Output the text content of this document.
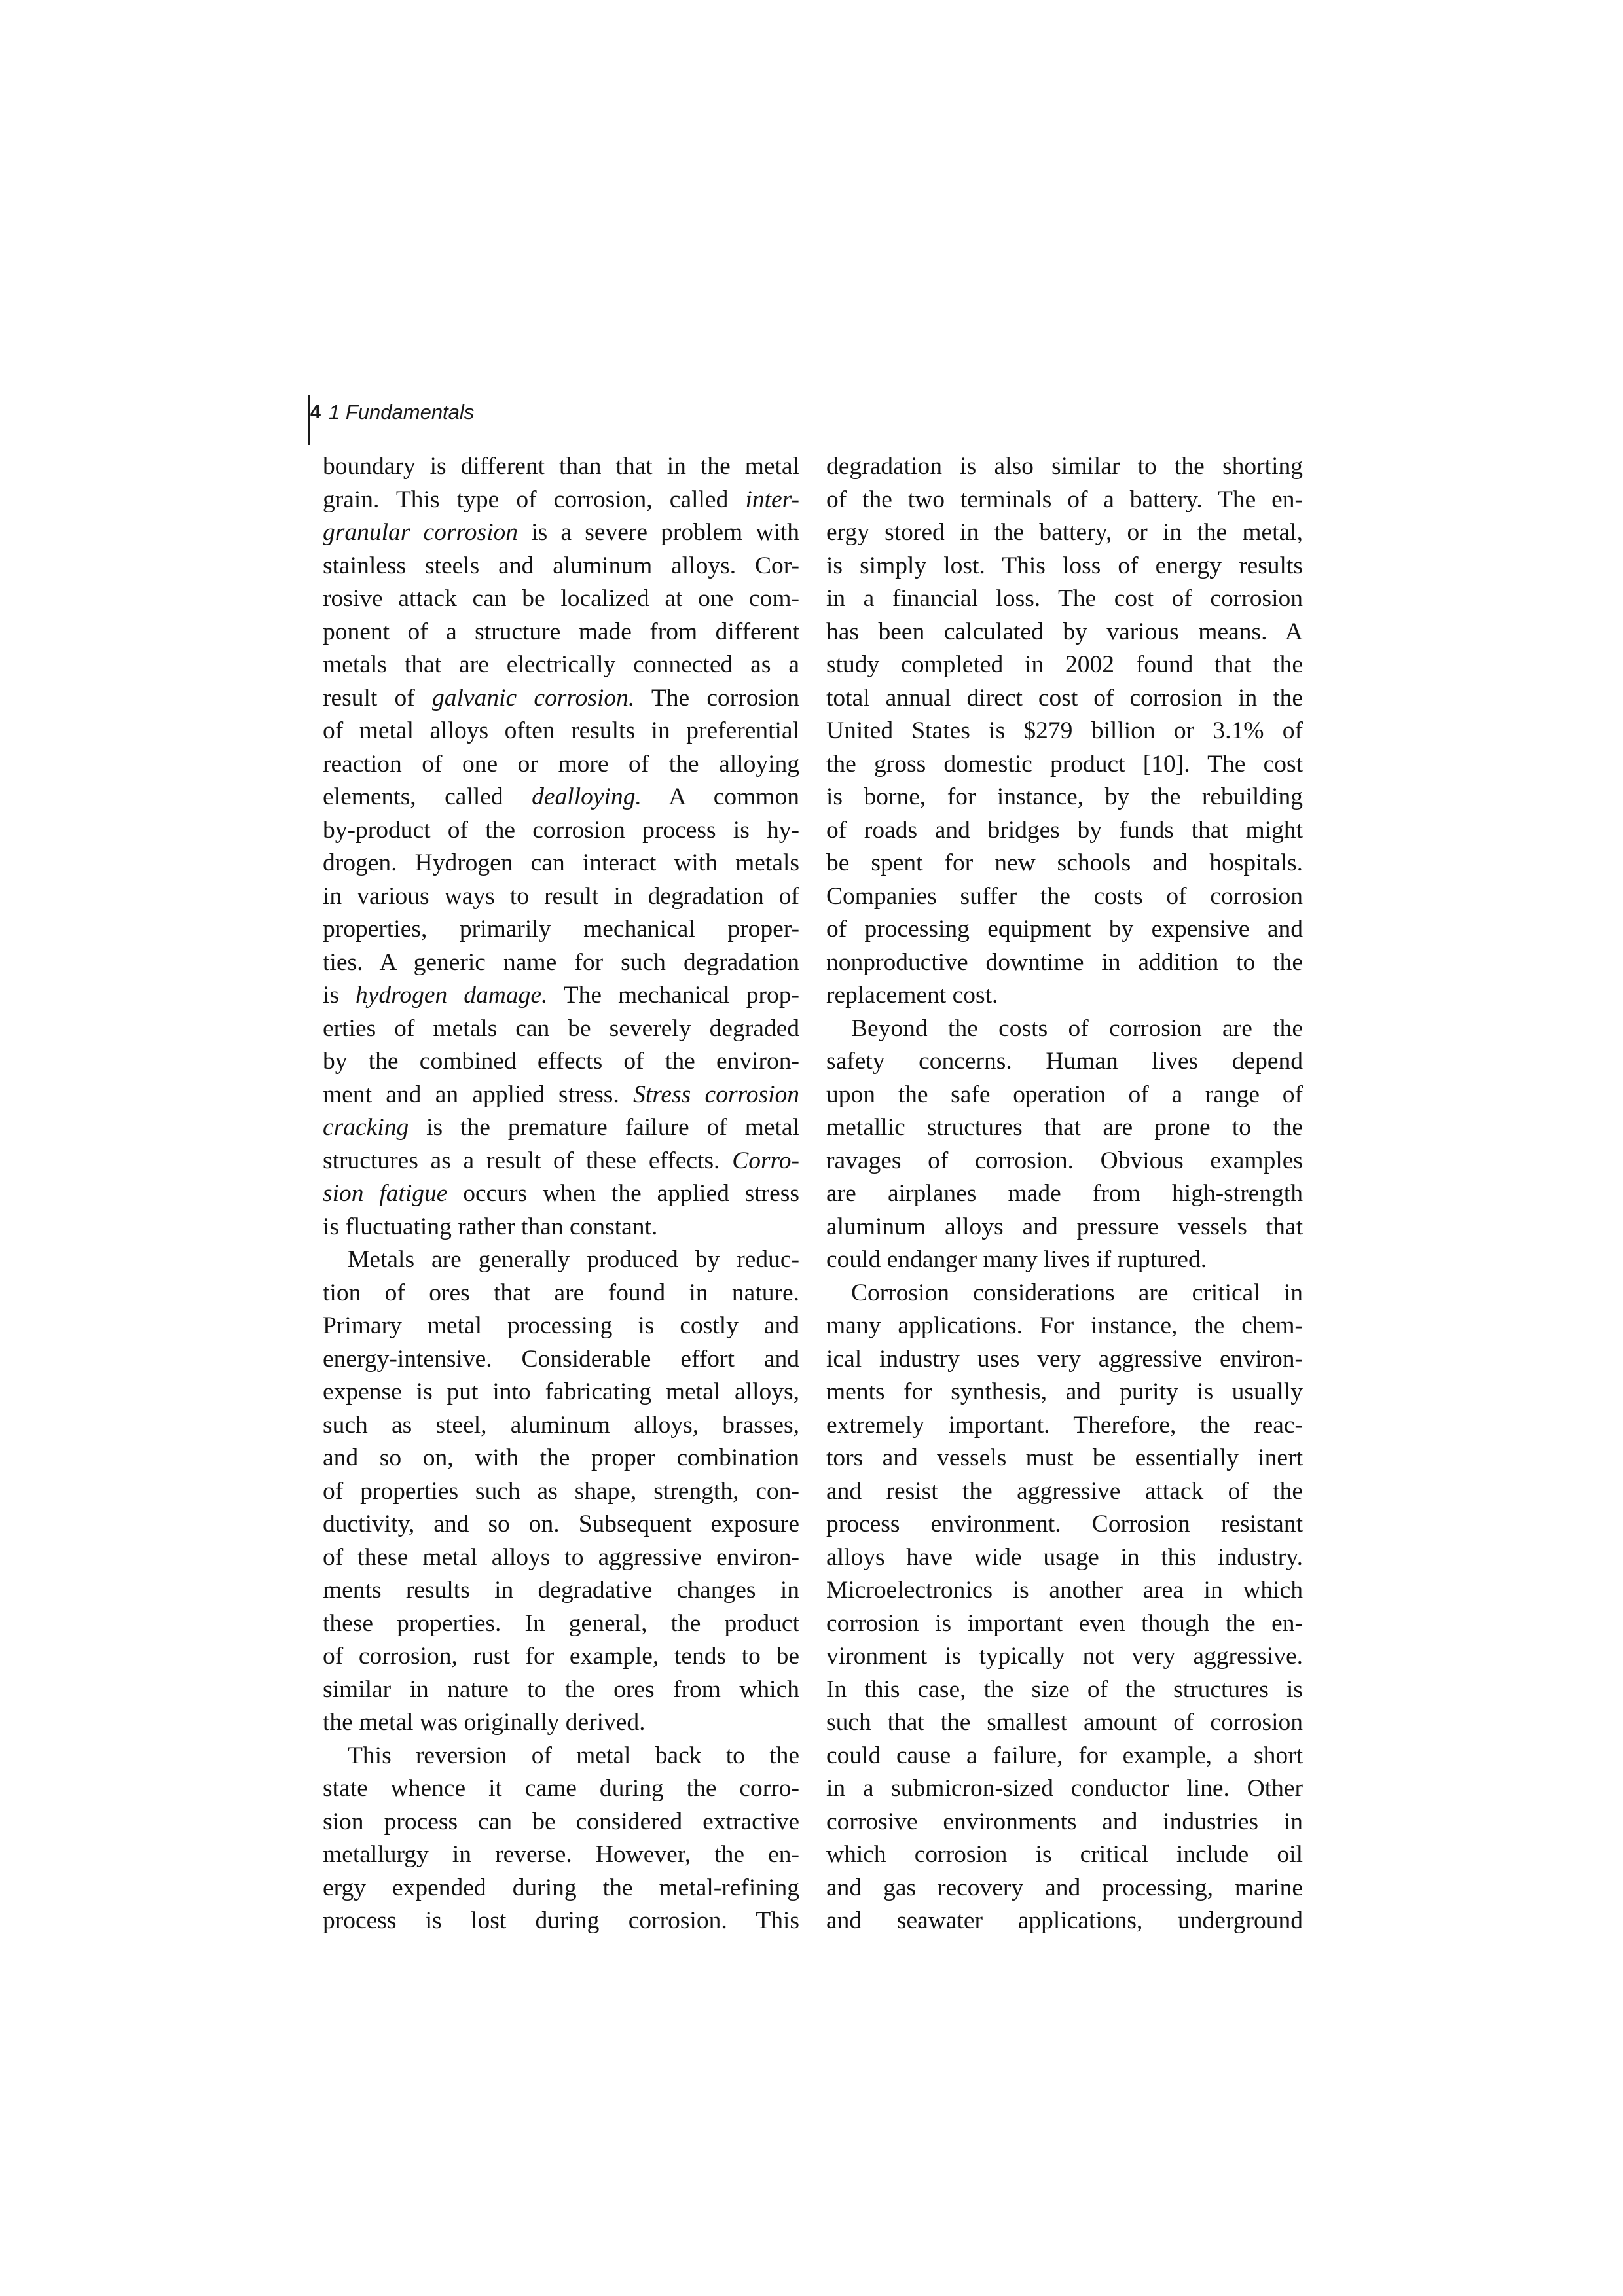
4 1 Fundamentals
boundary is different than that in the metal
grain. This type of corrosion, called inter-
granular corrosion is a severe problem with
stainless steels and aluminum alloys. Cor-
rosive attack can be localized at one com-
ponent of a structure made from different
metals that are electrically connected as a
result of galvanic corrosion. The corrosion
of metal alloys often results in preferential
reaction of one or more of the alloying
elements, called dealloying. A common
by-product of the corrosion process is hy-
drogen. Hydrogen can interact with metals
in various ways to result in degradation of
properties, primarily mechanical proper-
ties. A generic name for such degradation
is hydrogen damage. The mechanical prop-
erties of metals can be severely degraded
by the combined effects of the environ-
ment and an applied stress. Stress corrosion
cracking is the premature failure of metal
structures as a result of these effects. Corro-
sion fatigue occurs when the applied stress
is fluctuating rather than constant.
Metals are generally produced by reduc-
tion of ores that are found in nature.
Primary metal processing is costly and
energy-intensive. Considerable effort and
expense is put into fabricating metal alloys,
such as steel, aluminum alloys, brasses,
and so on, with the proper combination
of properties such as shape, strength, con-
ductivity, and so on. Subsequent exposure
of these metal alloys to aggressive environ-
ments results in degradative changes in
these properties. In general, the product
of corrosion, rust for example, tends to be
similar in nature to the ores from which
the metal was originally derived.
This reversion of metal back to the
state whence it came during the corro-
sion process can be considered extractive
metallurgy in reverse. However, the en-
ergy expended during the metal-refining
process is lost during corrosion. This
degradation is also similar to the shorting
of the two terminals of a battery. The en-
ergy stored in the battery, or in the metal,
is simply lost. This loss of energy results
in a financial loss. The cost of corrosion
has been calculated by various means. A
study completed in 2002 found that the
total annual direct cost of corrosion in the
United States is $279 billion or 3.1% of
the gross domestic product [10]. The cost
is borne, for instance, by the rebuilding
of roads and bridges by funds that might
be spent for new schools and hospitals.
Companies suffer the costs of corrosion
of processing equipment by expensive and
nonproductive downtime in addition to the
replacement cost.
Beyond the costs of corrosion are the
safety concerns. Human lives depend
upon the safe operation of a range of
metallic structures that are prone to the
ravages of corrosion. Obvious examples
are airplanes made from high-strength
aluminum alloys and pressure vessels that
could endanger many lives if ruptured.
Corrosion considerations are critical in
many applications. For instance, the chem-
ical industry uses very aggressive environ-
ments for synthesis, and purity is usually
extremely important. Therefore, the reac-
tors and vessels must be essentially inert
and resist the aggressive attack of the
process environment. Corrosion resistant
alloys have wide usage in this industry.
Microelectronics is another area in which
corrosion is important even though the en-
vironment is typically not very aggressive.
In this case, the size of the structures is
such that the smallest amount of corrosion
could cause a failure, for example, a short
in a submicron-sized conductor line. Other
corrosive environments and industries in
which corrosion is critical include oil
and gas recovery and processing, marine
and seawater applications, underground
